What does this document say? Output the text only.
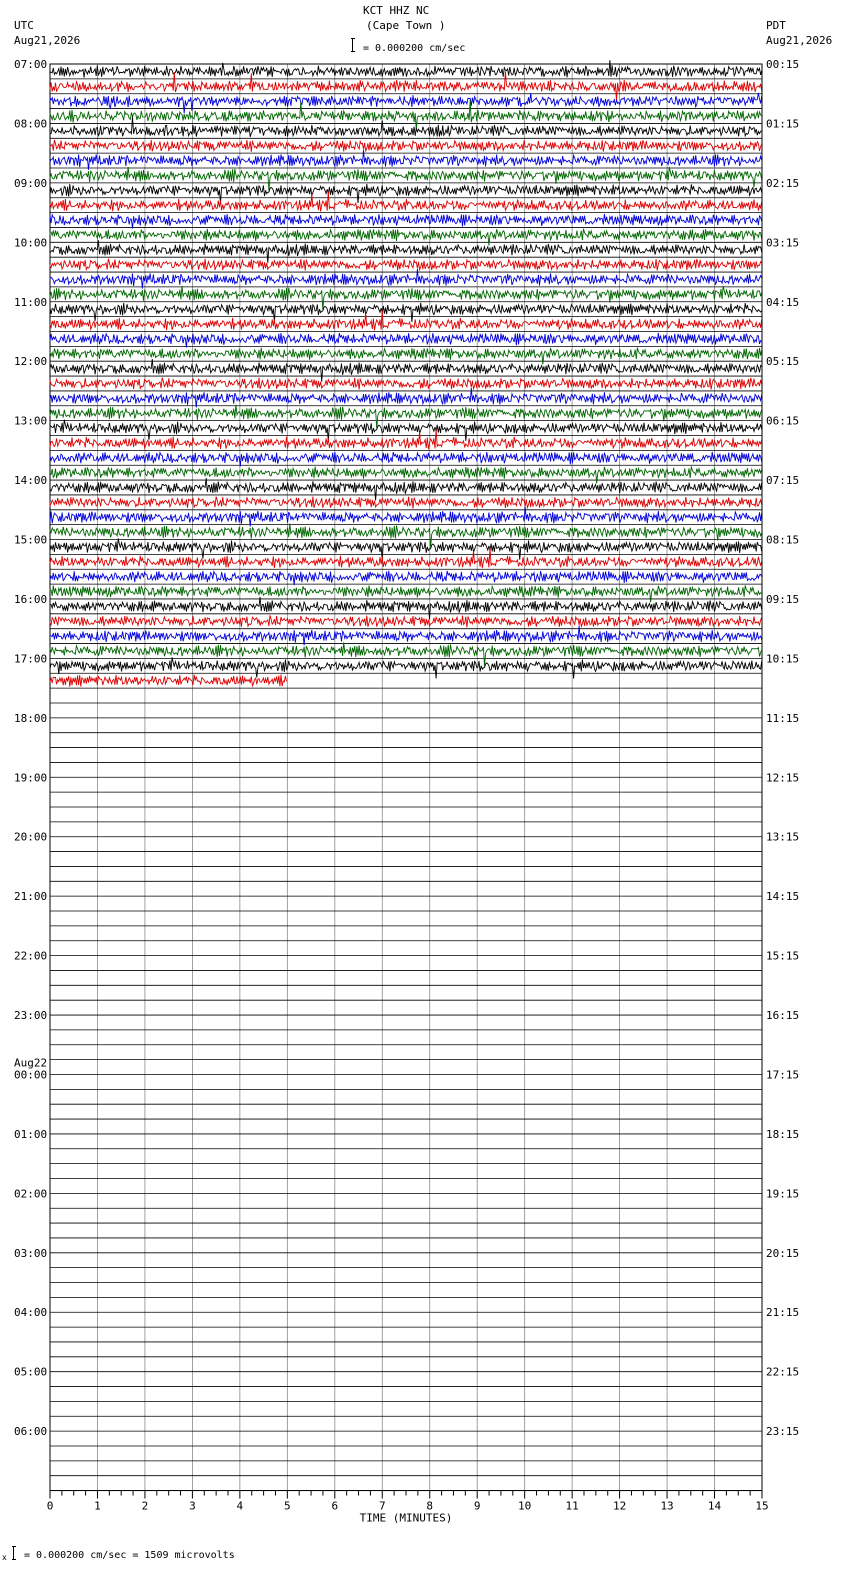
KCT HHZ NC
(Cape Town )
UTC
Aug21,2026
PDT
Aug21,2026
= 0.000200 cm/sec
0	1	2	3	4	5	6	7	8	9	10	11	12	13	14	15
TIME (MINUTES)
07:00
08:00
09:00
10:00
11:00
12:00
13:00
14:00
15:00
16:00
17:00
18:00
19:00
20:00
21:00
22:00
23:00
Aug22
00:00
01:00
02:00
03:00
04:00
05:00
06:00
00:15
01:15
02:15
03:15
04:15
05:15
06:15
07:15
08:15
09:15
10:15
11:15
12:15
13:15
14:15
15:15
16:15
17:15
18:15
19:15
20:15
21:15
22:15
23:15
x = 0.000200 cm/sec = 1509 microvolts
